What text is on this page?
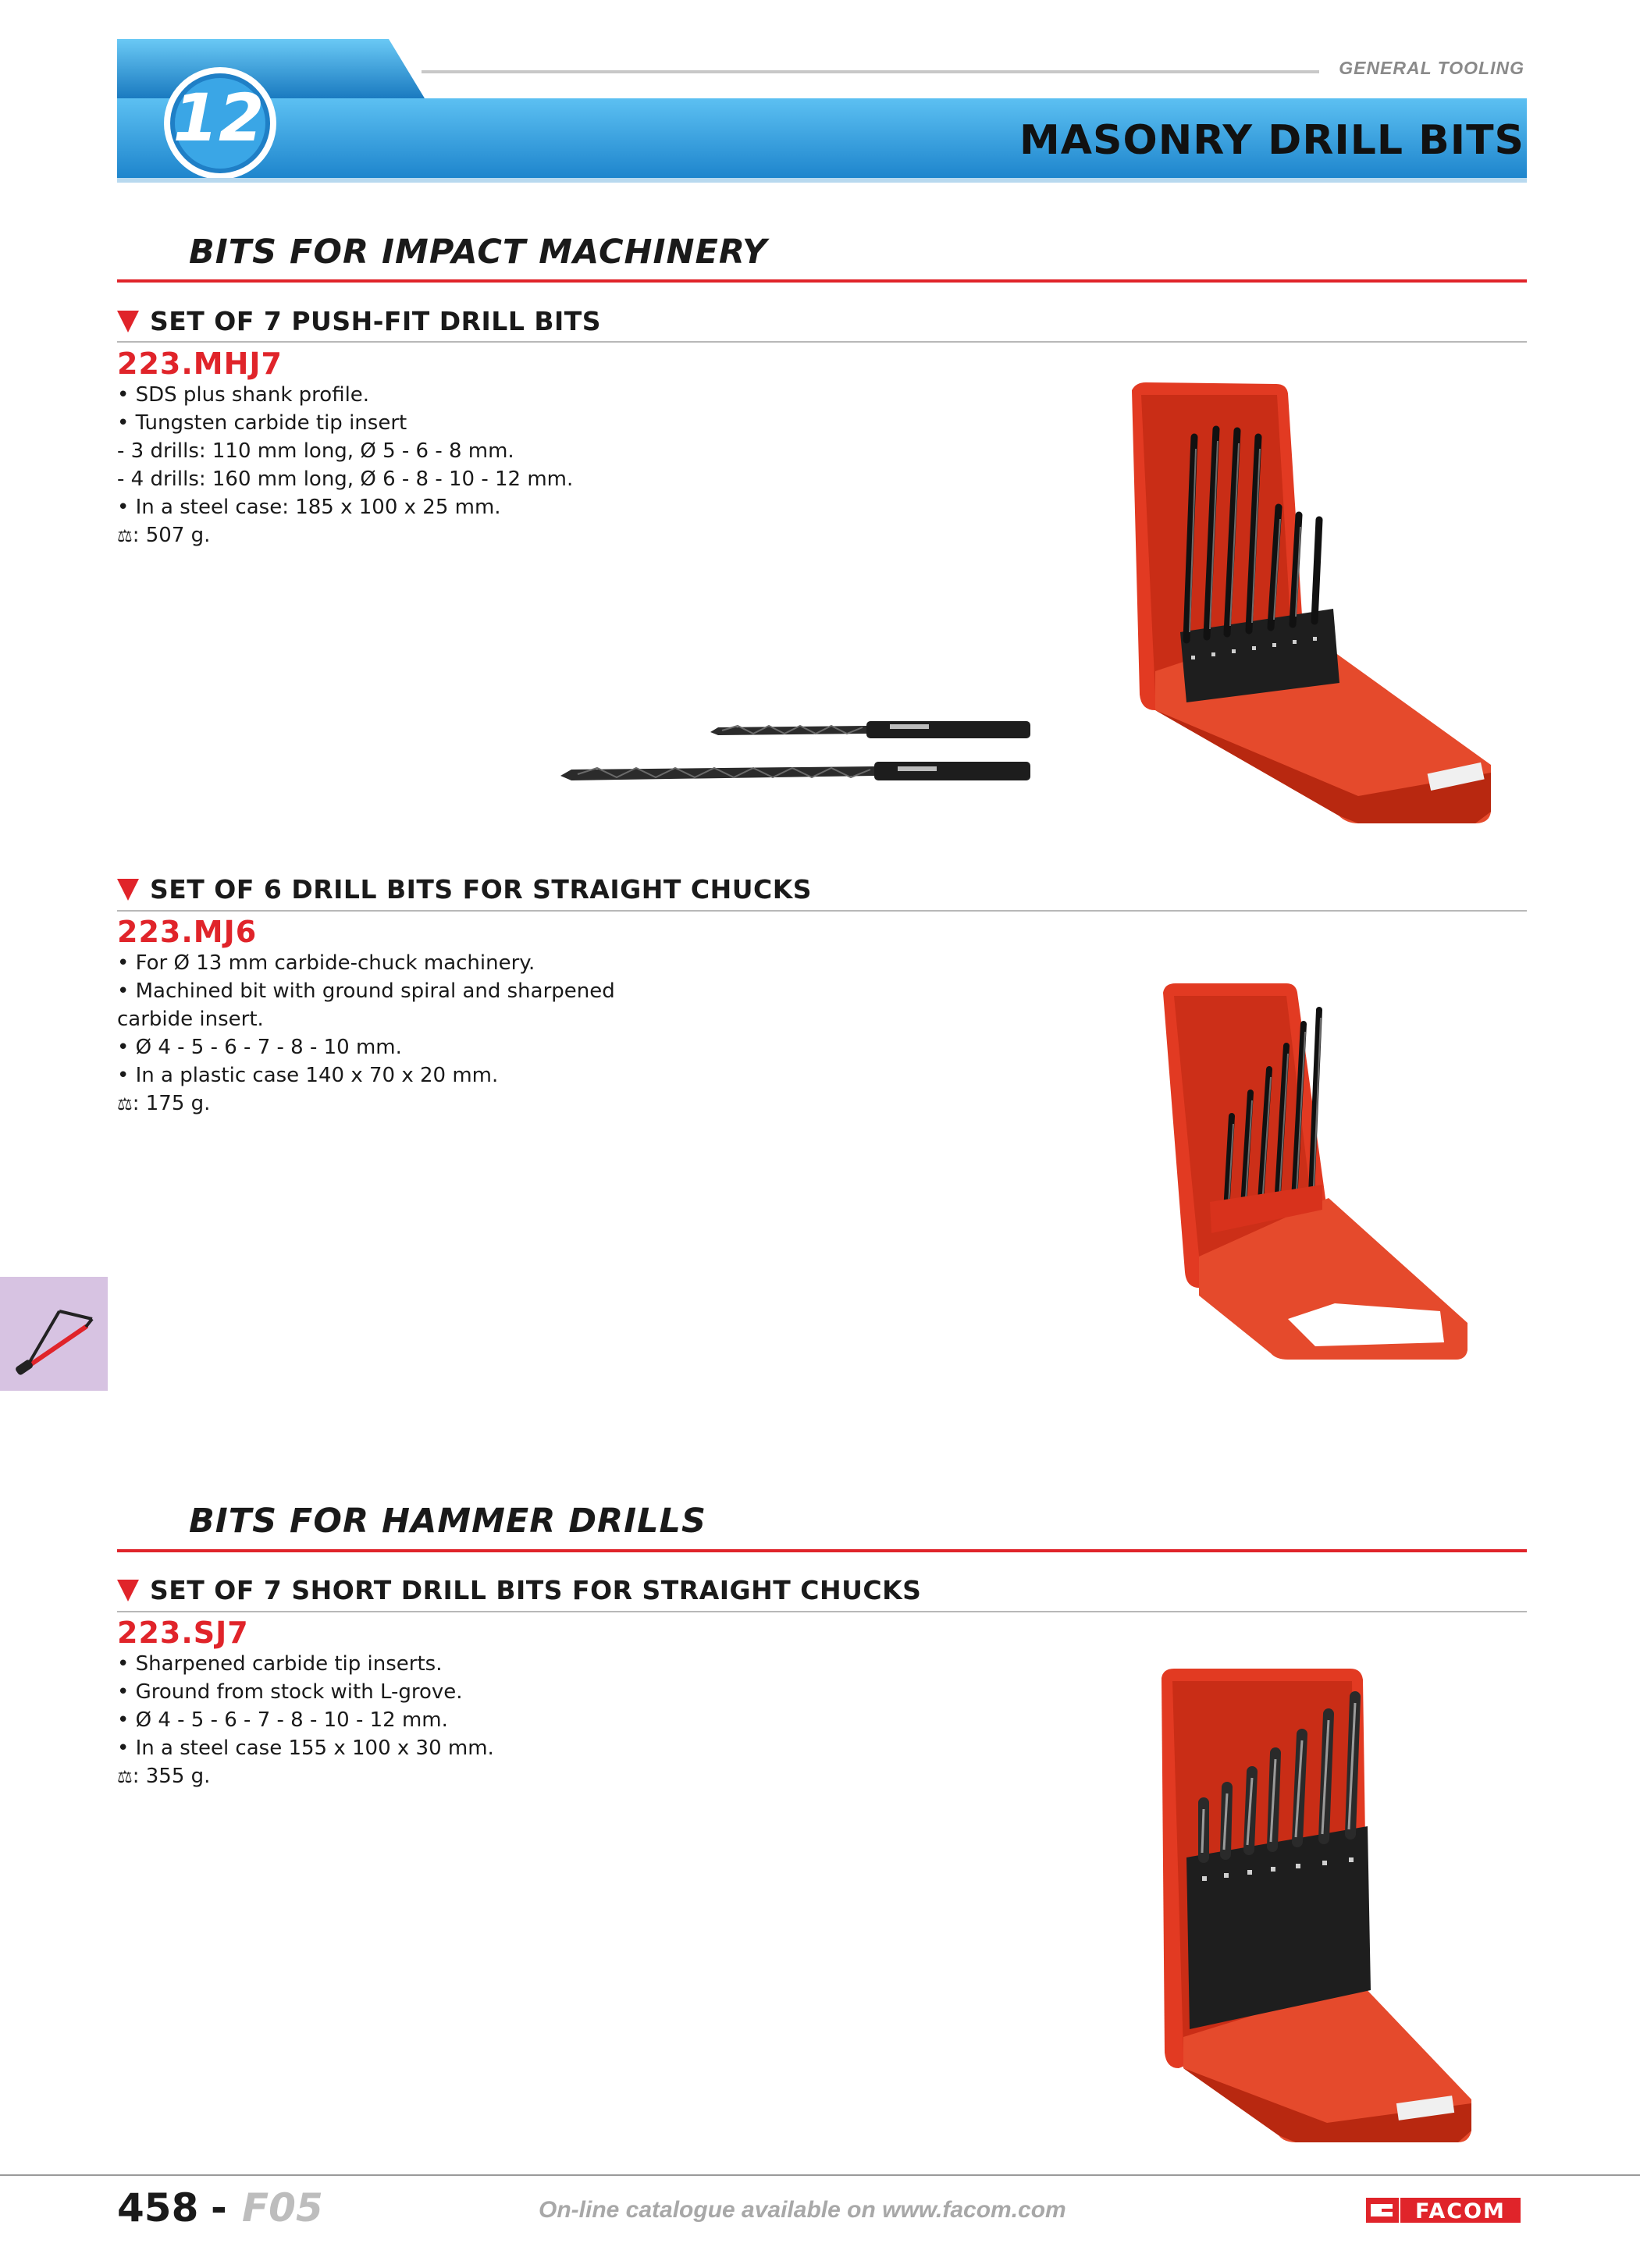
GENERAL TOOLING
12	MASONRY DRILL BITS
BITS FOR IMPACT MACHINERY
SET OF 7 PUSH-FIT DRILL BITS
223.MHJ7
• SDS plus shank profile.
• Tungsten carbide tip insert
- 3 drills: 110 mm long, Ø 5 - 6 - 8 mm.
- 4 drills: 160 mm long, Ø 6 - 8 - 10 - 12 mm.
• In a steel case: 185 x 100 x 25 mm.
⚖: 507 g.
SET OF 6 DRILL BITS FOR STRAIGHT CHUCKS
223.MJ6
• For Ø 13 mm carbide-chuck machinery.
• Machined bit with ground spiral and sharpened
carbide insert.
• Ø 4 - 5 - 6 - 7 - 8 - 10 mm.
• In a plastic case 140 x 70 x 20 mm.
⚖: 175 g.
BITS FOR HAMMER DRILLS
SET OF 7 SHORT DRILL BITS FOR STRAIGHT CHUCKS
223.SJ7
• Sharpened carbide tip inserts.
• Ground from stock with L-grove.
• Ø 4 - 5 - 6 - 7 - 8 - 10 - 12 mm.
• In a steel case 155 x 100 x 30 mm.
⚖: 355 g.
458 - F05	On-line catalogue available on www.facom.com	FACOM
